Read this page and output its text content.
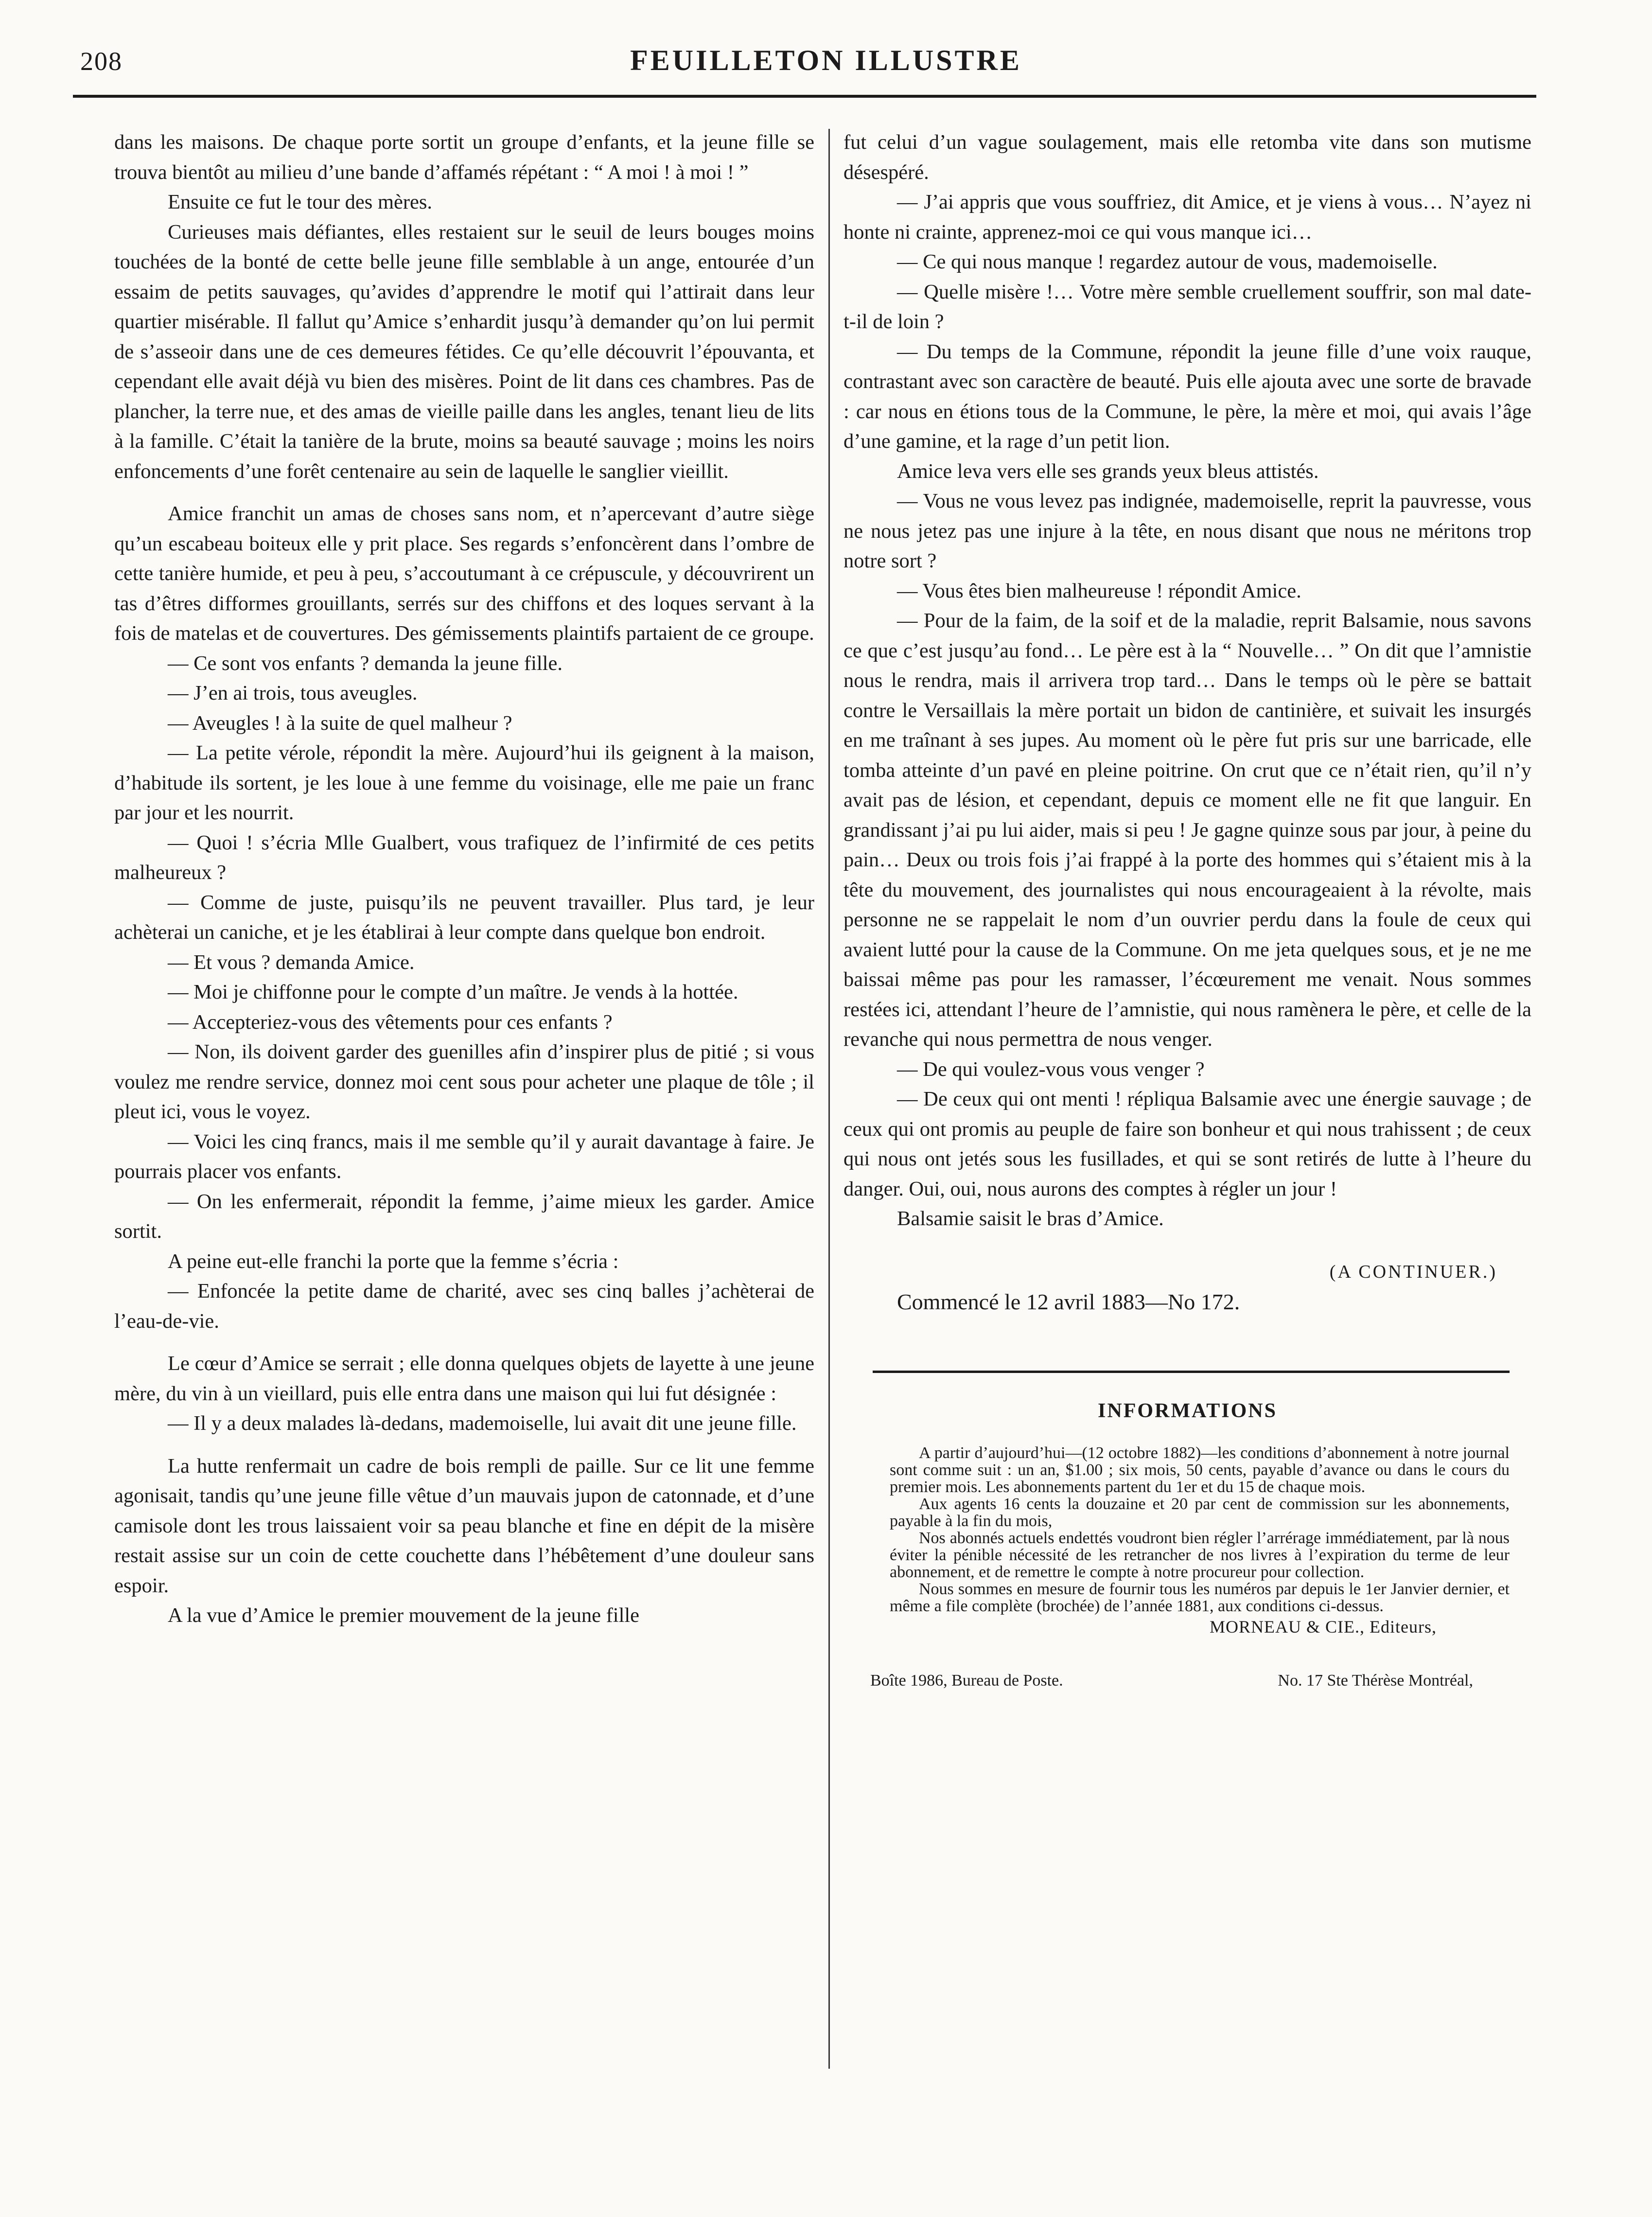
208	FEUILLETON ILLUSTRE

dans les maisons. De chaque porte sortit un groupe d’enfants, et la jeune fille se trouva bientôt au milieu d’une bande d’affamés répétant : “ A moi ! à moi ! ”

Ensuite ce fut le tour des mères.

Curieuses mais défiantes, elles restaient sur le seuil de leurs bouges moins touchées de la bonté de cette belle jeune fille semblable à un ange, entourée d’un essaim de petits sauvages, qu’avides d’apprendre le motif qui l’attirait dans leur quartier misérable. Il fallut qu’Amice s’enhardit jusqu’à demander qu’on lui permit de s’asseoir dans une de ces demeures fétides. Ce qu’elle découvrit l’épouvanta, et cependant elle avait déjà vu bien des misères. Point de lit dans ces chambres. Pas de plancher, la terre nue, et des amas de vieille paille dans les angles, tenant lieu de lits à la famille. C’était la tanière de la brute, moins sa beauté sauvage ; moins les noirs enfoncements d’une forêt centenaire au sein de laquelle le sanglier vieillit.

Amice franchit un amas de choses sans nom, et n’apercevant d’autre siège qu’un escabeau boiteux elle y prit place. Ses regards s’enfoncèrent dans l’ombre de cette tanière humide, et peu à peu, s’accoutumant à ce crépuscule, y découvrirent un tas d’êtres difformes grouillants, serrés sur des chiffons et des loques servant à la fois de matelas et de couvertures. Des gémissements plaintifs partaient de ce groupe.

— Ce sont vos enfants ? demanda la jeune fille.

— J’en ai trois, tous aveugles.

— Aveugles ! à la suite de quel malheur ?

— La petite vérole, répondit la mère. Aujourd’hui ils geignent à la maison, d’habitude ils sortent, je les loue à une femme du voisinage, elle me paie un franc par jour et les nourrit.

— Quoi ! s’écria Mlle Gualbert, vous trafiquez de l’infirmité de ces petits malheureux ?

— Comme de juste, puisqu’ils ne peuvent travailler. Plus tard, je leur achèterai un caniche, et je les établirai à leur compte dans quelque bon endroit.

— Et vous ? demanda Amice.

— Moi je chiffonne pour le compte d’un maître. Je vends à la hottée.

— Accepteriez-vous des vêtements pour ces enfants ?

— Non, ils doivent garder des guenilles afin d’inspirer plus de pitié ; si vous voulez me rendre service, donnez moi cent sous pour acheter une plaque de tôle ; il pleut ici, vous le voyez.

— Voici les cinq francs, mais il me semble qu’il y aurait davantage à faire. Je pourrais placer vos enfants.

— On les enfermerait, répondit la femme, j’aime mieux les garder. Amice sortit.

A peine eut-elle franchi la porte que la femme s’écria :

— Enfoncée la petite dame de charité, avec ses cinq balles j’achèterai de l’eau-de-vie.

Le cœur d’Amice se serrait ; elle donna quelques objets de layette à une jeune mère, du vin à un vieillard, puis elle entra dans une maison qui lui fut désignée :

— Il y a deux malades là-dedans, mademoiselle, lui avait dit une jeune fille.

La hutte renfermait un cadre de bois rempli de paille. Sur ce lit une femme agonisait, tandis qu’une jeune fille vêtue d’un mauvais jupon de catonnade, et d’une camisole dont les trous laissaient voir sa peau blanche et fine en dépit de la misère restait assise sur un coin de cette couchette dans l’hébêtement d’une douleur sans espoir.

A la vue d’Amice le premier mouvement de la jeune fille

fut celui d’un vague soulagement, mais elle retomba vite dans son mutisme désespéré.

— J’ai appris que vous souffriez, dit Amice, et je viens à vous… N’ayez ni honte ni crainte, apprenez-moi ce qui vous manque ici…

— Ce qui nous manque ! regardez autour de vous, mademoiselle.

— Quelle misère !… Votre mère semble cruellement souffrir, son mal date-t-il de loin ?

— Du temps de la Commune, répondit la jeune fille d’une voix rauque, contrastant avec son caractère de beauté. Puis elle ajouta avec une sorte de bravade : car nous en étions tous de la Commune, le père, la mère et moi, qui avais l’âge d’une gamine, et la rage d’un petit lion.

Amice leva vers elle ses grands yeux bleus attistés.

— Vous ne vous levez pas indignée, mademoiselle, reprit la pauvresse, vous ne nous jetez pas une injure à la tête, en nous disant que nous ne méritons trop notre sort ?

— Vous êtes bien malheureuse ! répondit Amice.

— Pour de la faim, de la soif et de la maladie, reprit Balsamie, nous savons ce que c’est jusqu’au fond… Le père est à la “ Nouvelle… ” On dit que l’amnistie nous le rendra, mais il arrivera trop tard… Dans le temps où le père se battait contre le Versaillais la mère portait un bidon de cantinière, et suivait les insurgés en me traînant à ses jupes. Au moment où le père fut pris sur une barricade, elle tomba atteinte d’un pavé en pleine poitrine. On crut que ce n’était rien, qu’il n’y avait pas de lésion, et cependant, depuis ce moment elle ne fit que languir. En grandissant j’ai pu lui aider, mais si peu ! Je gagne quinze sous par jour, à peine du pain… Deux ou trois fois j’ai frappé à la porte des hommes qui s’étaient mis à la tête du mouvement, des journalistes qui nous encourageaient à la révolte, mais personne ne se rappelait le nom d’un ouvrier perdu dans la foule de ceux qui avaient lutté pour la cause de la Commune. On me jeta quelques sous, et je ne me baissai même pas pour les ramasser, l’écœurement me venait. Nous sommes restées ici, attendant l’heure de l’amnistie, qui nous ramènera le père, et celle de la revanche qui nous permettra de nous venger.

— De qui voulez-vous vous venger ?

— De ceux qui ont menti ! répliqua Balsamie avec une énergie sauvage ; de ceux qui ont promis au peuple de faire son bonheur et qui nous trahissent ; de ceux qui nous ont jetés sous les fusillades, et qui se sont retirés de lutte à l’heure du danger. Oui, oui, nous aurons des comptes à régler un jour !

Balsamie saisit le bras d’Amice.

(A CONTINUER.)

Commencé le 12 avril 1883—No 172.

INFORMATIONS

A partir d’aujourd’hui—(12 octobre 1882)—les conditions d’abonnement à notre journal sont comme suit : un an, $1.00 ; six mois, 50 cents, payable d’avance ou dans le cours du premier mois. Les abonnements partent du 1er et du 15 de chaque mois.

Aux agents 16 cents la douzaine et 20 par cent de commission sur les abonnements, payable à la fin du mois,

Nos abonnés actuels endettés voudront bien régler l’arrérage immédiatement, par là nous éviter la pénible nécessité de les retrancher de nos livres à l’expiration du terme de leur abonnement, et de remettre le compte à notre procureur pour collection.

Nous sommes en mesure de fournir tous les numéros par depuis le 1er Janvier dernier, et même a file complète (brochée) de l’année 1881, aux conditions ci-dessus.

MORNEAU & CIE., Editeurs,
Boîte 1986, Bureau de Poste.	No. 17 Ste Thérèse Montréal,
